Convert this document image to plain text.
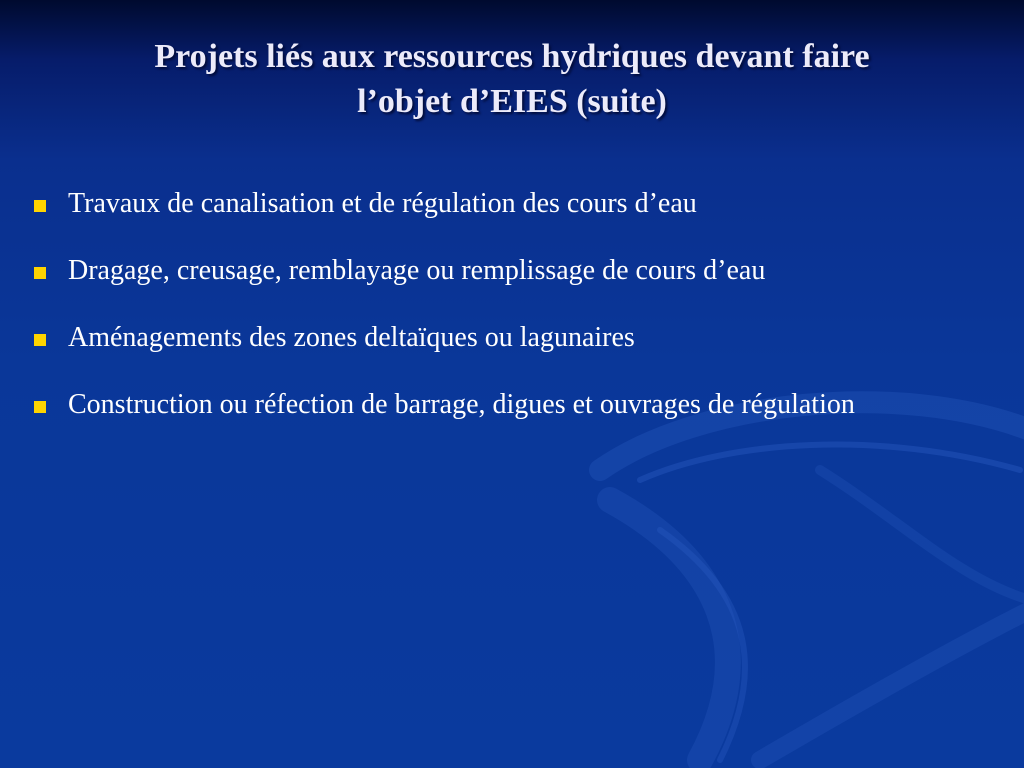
Projets liés aux ressources hydriques devant faire
l’objet d’EIES (suite)
Travaux de canalisation et de régulation des cours d’eau
Dragage, creusage, remblayage ou remplissage de cours d’eau
Aménagements des zones deltaïques ou lagunaires
Construction ou réfection de barrage, digues et ouvrages de régulation
